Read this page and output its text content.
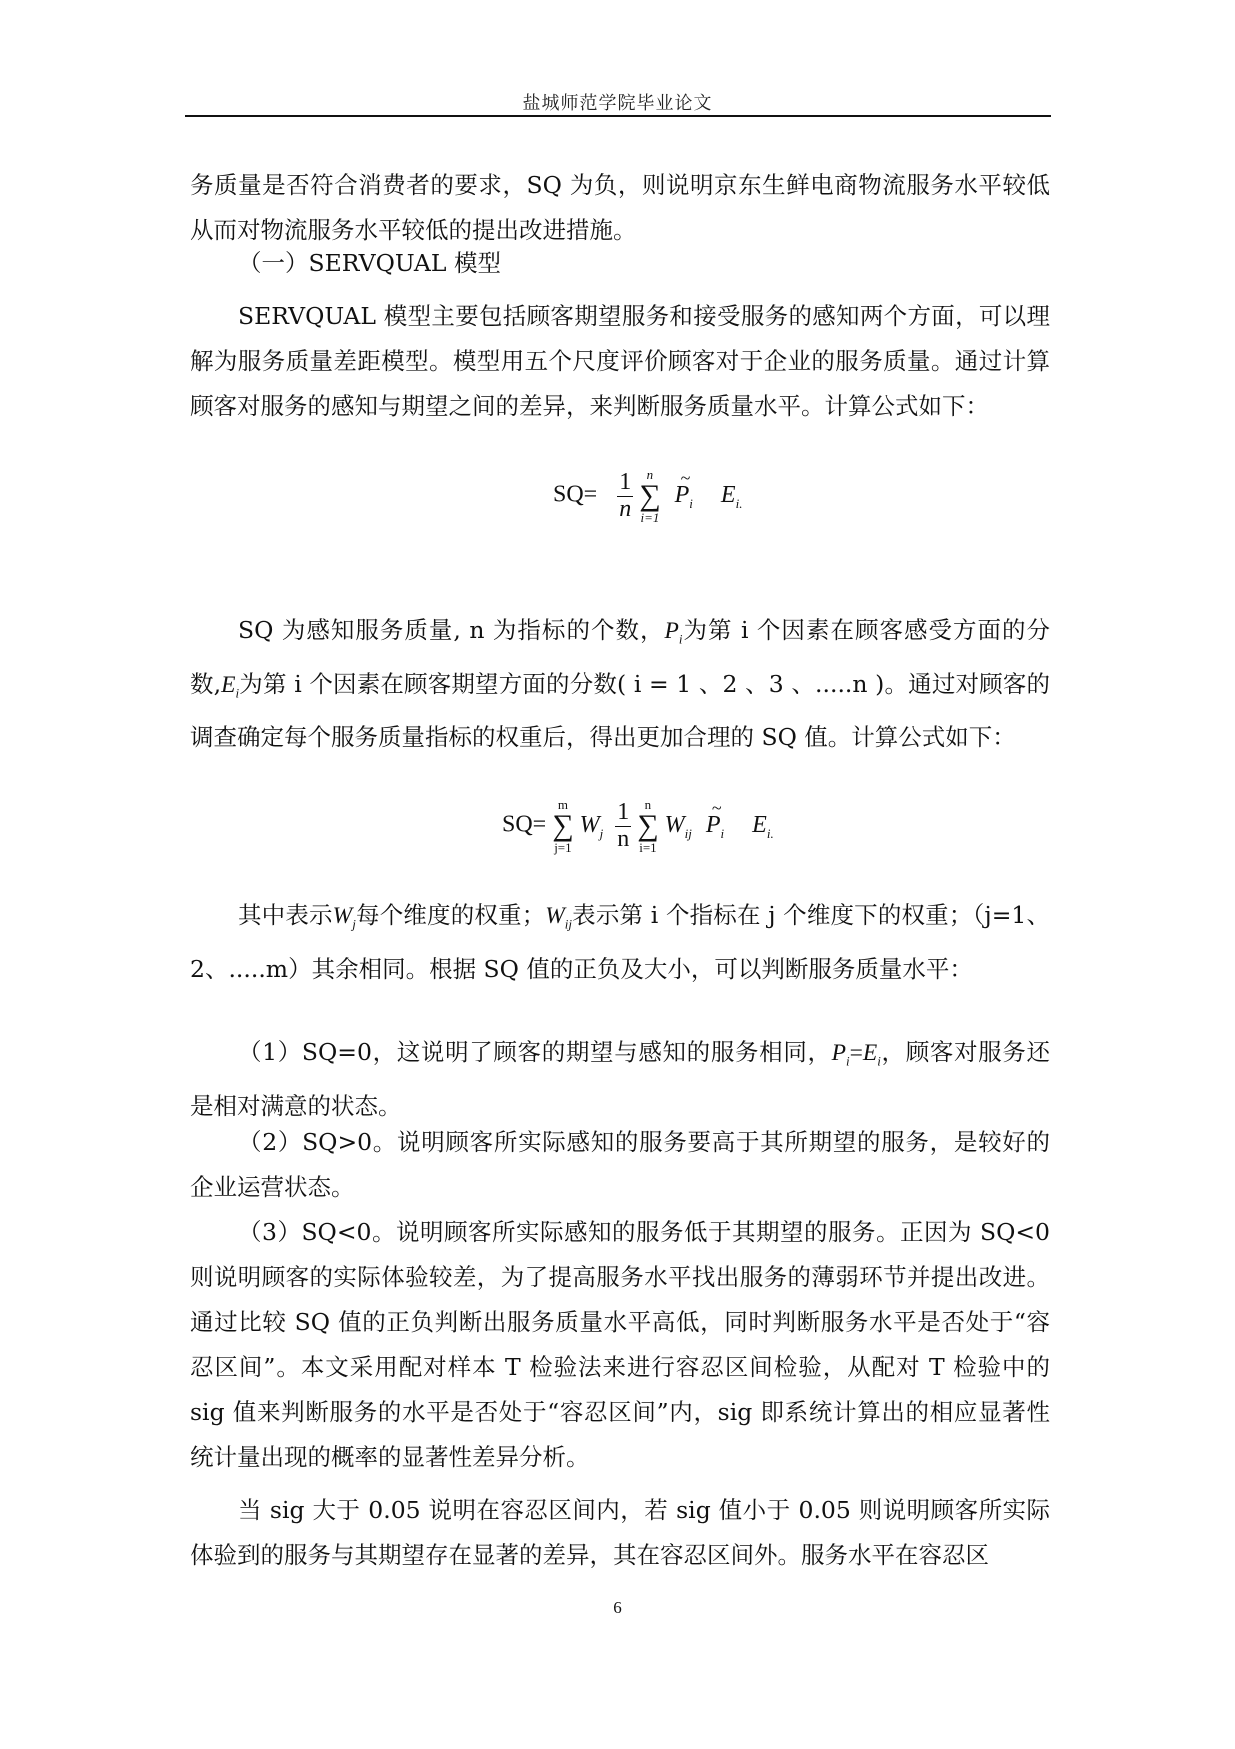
盐城师范学院毕业论文

务质量是否符合消费者的要求，SQ 为负，则说明京东生鲜电商物流服务水平较低从而对物流服务水平较低的提出改进措施。

（一）SERVQUAL 模型

SERVQUAL 模型主要包括顾客期望服务和接受服务的感知两个方面，可以理解为服务质量差距模型。模型用五个尺度评价顾客对于企业的服务质量。通过计算顾客对服务的感知与期望之间的差异，来判断服务质量水平。计算公式如下：

$SQ= \frac{1}{n}$
	n
∑
i=1

~
$P_i$ $E_{i.}$

SQ 为感知服务质量, n 为指标的个数，$P_i$为第 i 个因素在顾客感受方面的分数$,E_i$为第 i 个因素在顾客期望方面的分数( i = 1 、2 、3 、.....n )。通过对顾客的调查确定每个服务质量指标的权重后，得出更加合理的 SQ 值。计算公式如下：

SQ=
m
∑
j=1
$W_j \frac{1}{n}$
	n
∑
i=1
$W_{ij}$
~
$P_i$ $E_{i.}$

其中表示$W_j$每个维度的权重；$W_{ij}$表示第 i 个指标在 j 个维度下的权重；（j=1、2、.....m）其余相同。根据 SQ 值的正负及大小，可以判断服务质量水平：

（1）SQ=0，这说明了顾客的期望与感知的服务相同，$P_i=E_i$，顾客对服务还是相对满意的状态。

（2）SQ>0。说明顾客所实际感知的服务要高于其所期望的服务，是较好的企业运营状态。

（3）SQ<0。说明顾客所实际感知的服务低于其期望的服务。正因为 SQ<0 则说明顾客的实际体验较差，为了提高服务水平找出服务的薄弱环节并提出改进。通过比较 SQ 值的正负判断出服务质量水平高低，同时判断服务水平是否处于“容忍区间”。本文采用配对样本 T 检验法来进行容忍区间检验，从配对 T 检验中的 sig 值来判断服务的水平是否处于“容忍区间”内，sig 即系统计算出的相应显著性统计量出现的概率的显著性差异分析。

当 sig 大于 0.05 说明在容忍区间内，若 sig 值小于 0.05 则说明顾客所实际体验到的服务与其期望存在显著的差异，其在容忍区间外。服务水平在容忍区

6
